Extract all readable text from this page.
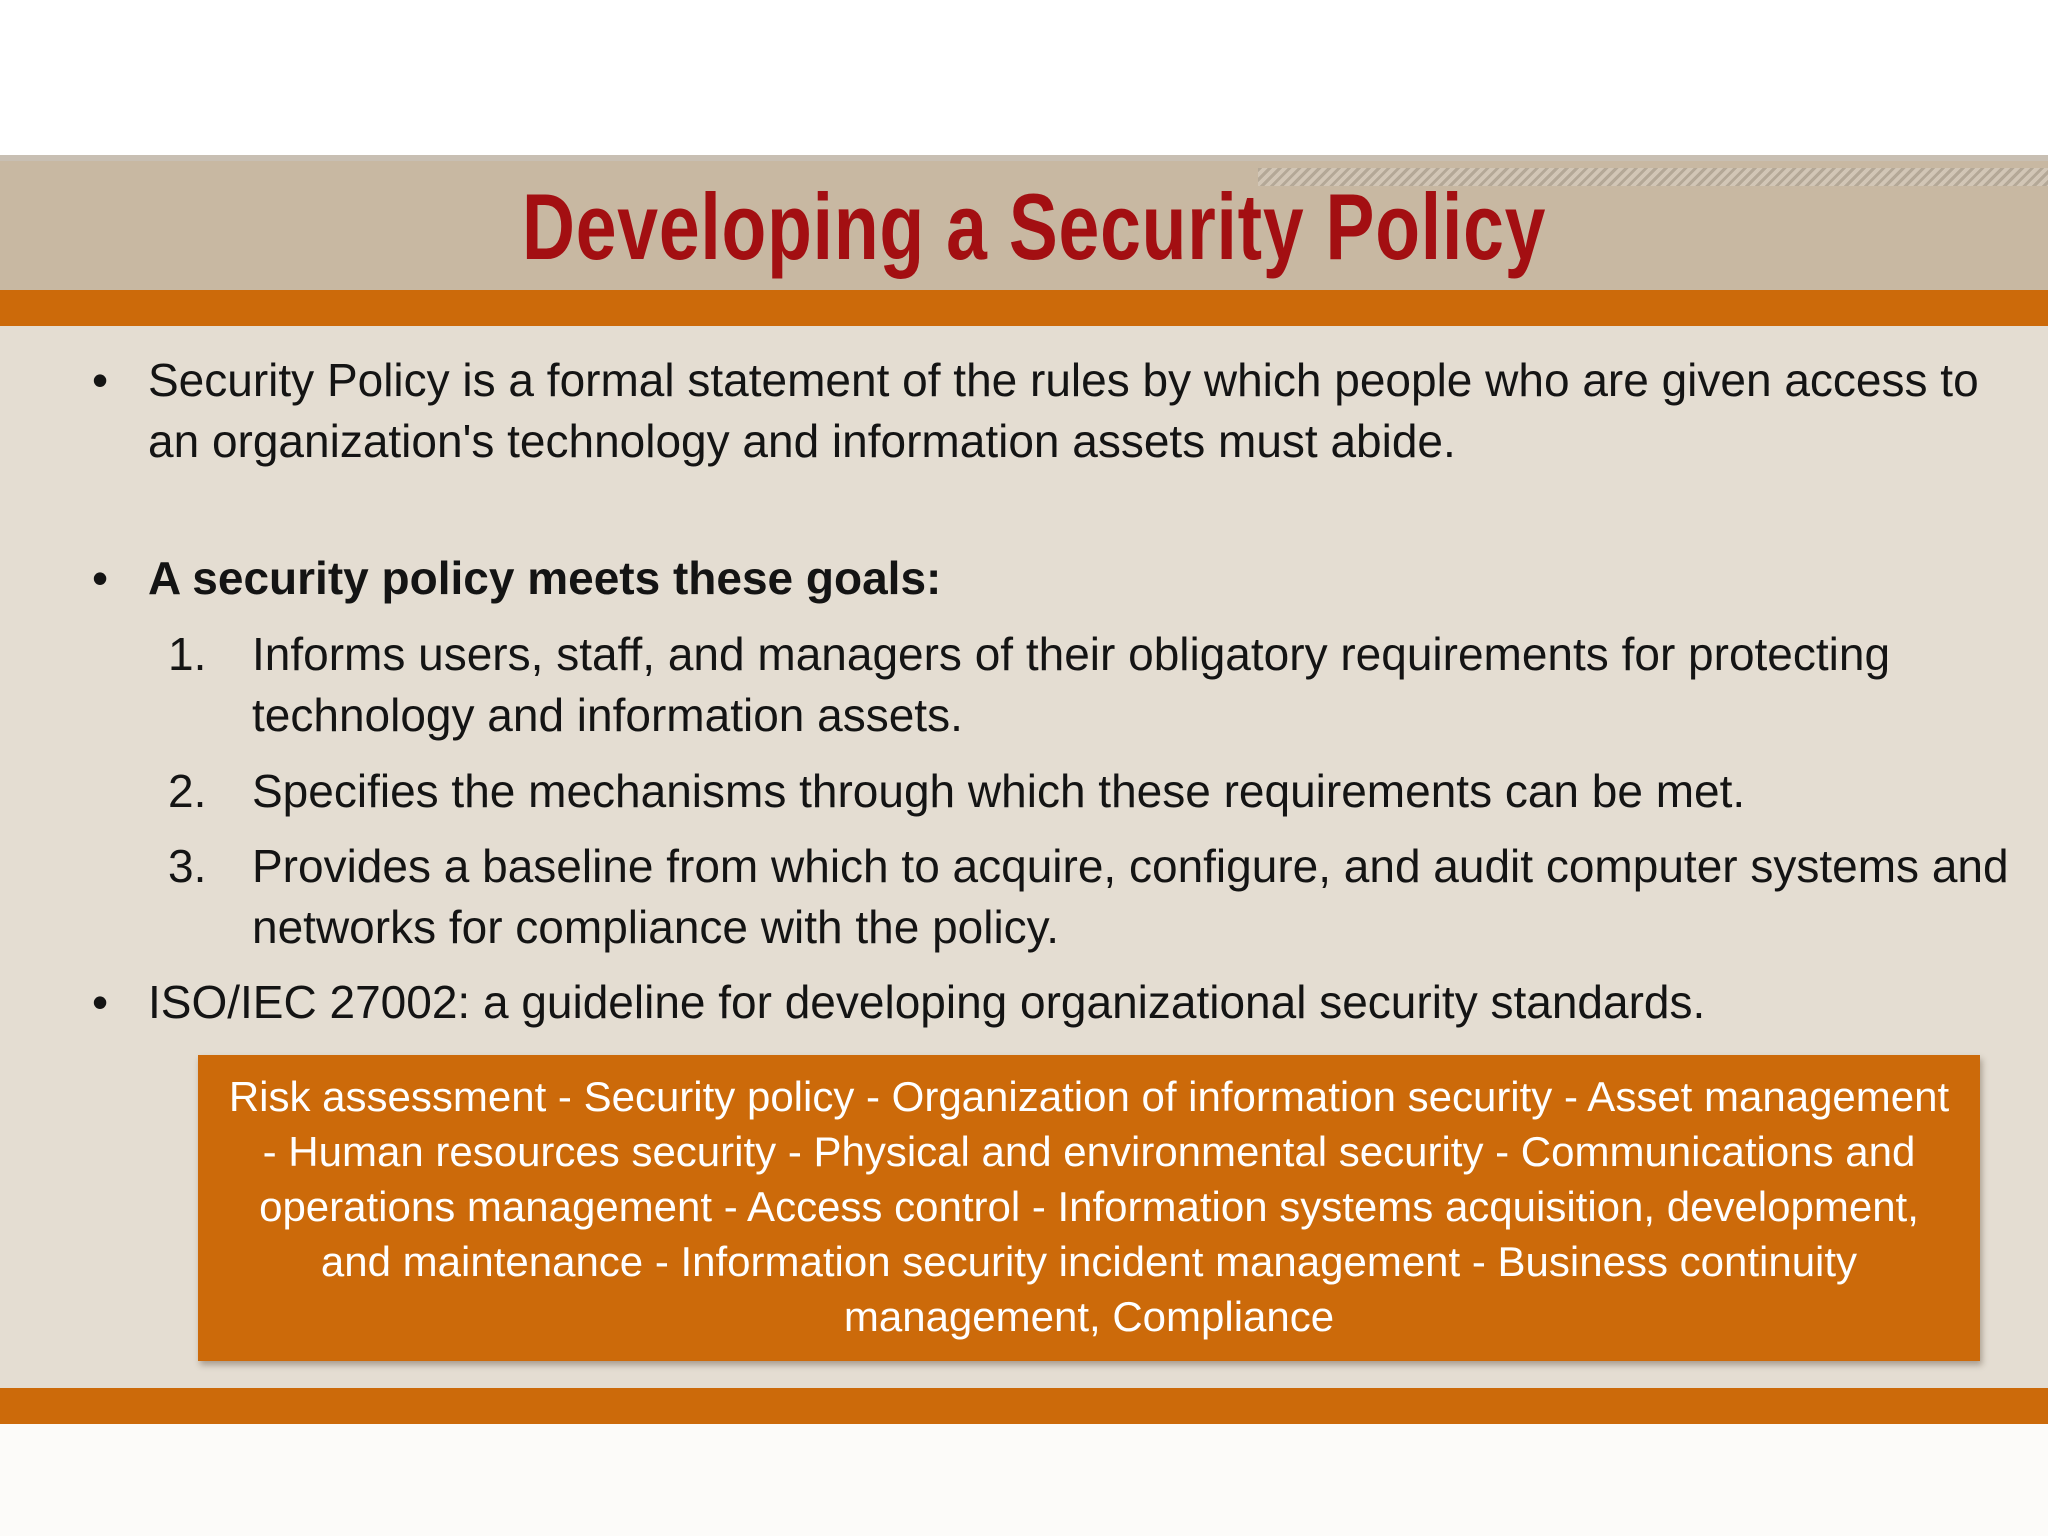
Developing a Security Policy
• Security Policy is a formal statement of the rules by which people who are given access to an organization's technology and information assets must abide.
• A security policy meets these goals:
1. Informs users, staff, and managers of their obligatory requirements for protecting technology and information assets.
2. Specifies the mechanisms through which these requirements can be met.
3. Provides a baseline from which to acquire, configure, and audit computer systems and networks for compliance with the policy.
• ISO/IEC 27002: a guideline for developing organizational security standards.
Risk assessment - Security policy - Organization of information security - Asset management - Human resources security - Physical and environmental security - Communications and operations management - Access control - Information systems acquisition, development, and maintenance - Information security incident management - Business continuity management, Compliance
